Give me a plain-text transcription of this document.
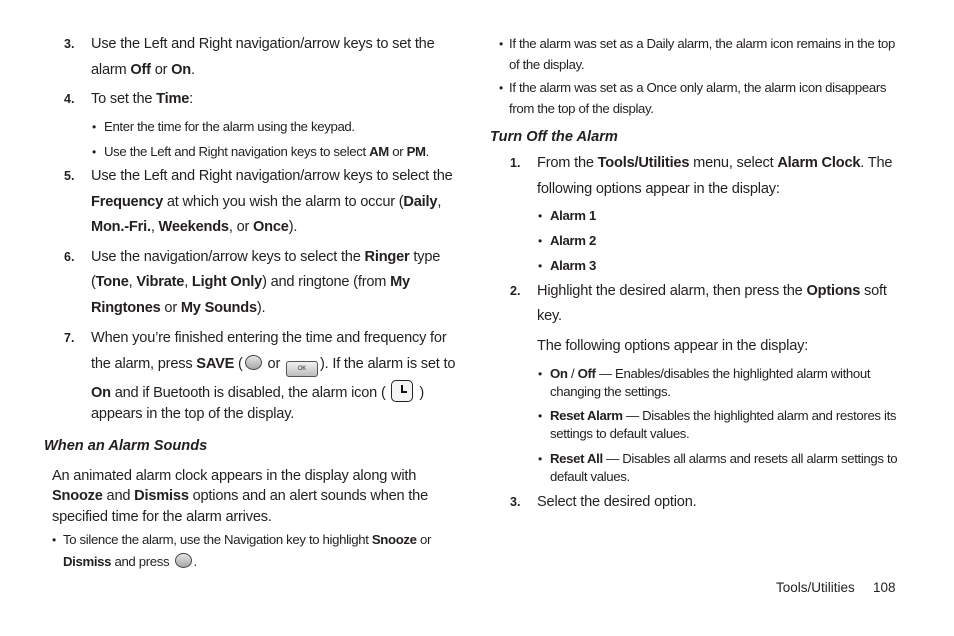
3. Use the Left and Right navigation/arrow keys to set the
alarm Off or On.
4. To set the Time:
• Enter the time for the alarm using the keypad.
• Use the Left and Right navigation keys to select AM or PM.
5. Use the Left and Right navigation/arrow keys to select the
Frequency at which you wish the alarm to occur (Daily,
Mon.-Fri., Weekends, or Once).
6. Use the navigation/arrow keys to select the Ringer type
(Tone, Vibrate, Light Only) and ringtone (from My
Ringtones or My Sounds).
7. When you’re finished entering the time and frequency for
the alarm, press SAVE ( or OK ). If the alarm is set to
On and if Buetooth is disabled, the alarm icon (  )
appears in the top of the display.
When an Alarm Sounds
An animated alarm clock appears in the display along with
Snooze and Dismiss options and an alert sounds when the
specified time for the alarm arrives.
• To silence the alarm, use the Navigation key to highlight Snooze or
Dismiss and press .
• If the alarm was set as a Daily alarm, the alarm icon remains in the top
of the display.
• If the alarm was set as a Once only alarm, the alarm icon disappears
from the top of the display.
Turn Off the Alarm
1. From the Tools/Utilities menu, select Alarm Clock. The
following options appear in the display:
• Alarm 1
• Alarm 2
• Alarm 3
2. Highlight the desired alarm, then press the Options soft
key.
The following options appear in the display:
• On / Off — Enables/disables the highlighted alarm without
changing the settings.
• Reset Alarm — Disables the highlighted alarm and restores its
settings to default values.
• Reset All — Disables all alarms and resets all alarm settings to
default values.
3. Select the desired option.
Tools/Utilities 108
